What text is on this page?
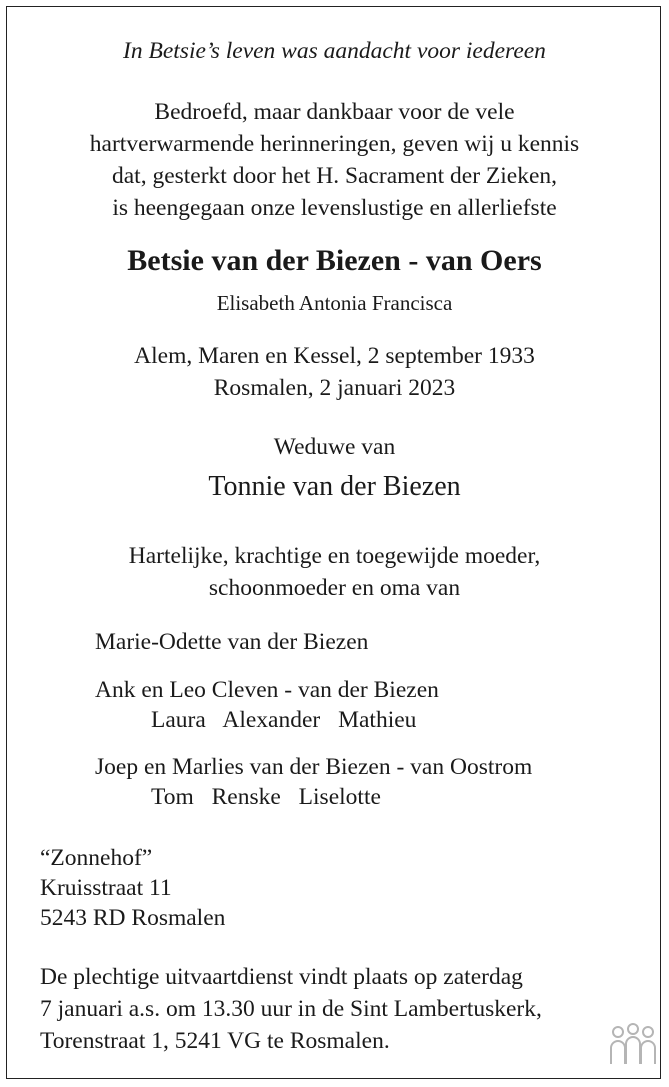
In Betsie’s leven was aandacht voor iedereen
Bedroefd, maar dankbaar voor de vele
hartverwarmende herinneringen, geven wij u kennis
dat, gesterkt door het H. Sacrament der Zieken,
is heengegaan onze levenslustige en allerliefste
Betsie van der Biezen - van Oers
Elisabeth Antonia Francisca
Alem, Maren en Kessel, 2 september 1933
Rosmalen, 2 januari 2023
Weduwe van
Tonnie van der Biezen
Hartelijke, krachtige en toegewijde moeder,
schoonmoeder en oma van
Marie-Odette van der Biezen
Ank en Leo Cleven - van der Biezen
Laura Alexander Mathieu
Joep en Marlies van der Biezen - van Oostrom
Tom Renske Liselotte
“Zonnehof”
Kruisstraat 11
5243 RD Rosmalen
De plechtige uitvaartdienst vindt plaats op zaterdag
7 januari a.s. om 13.30 uur in de Sint Lambertuskerk,
Torenstraat 1, 5241 VG te Rosmalen.
